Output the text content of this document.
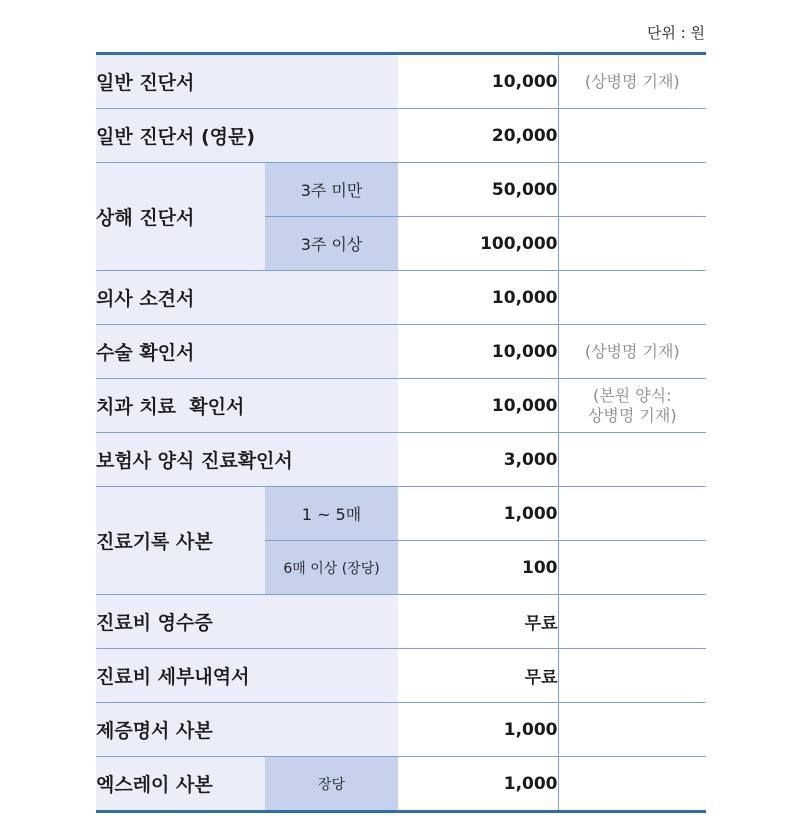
단위 : 원
일반 진단서		10,000	(상병명 기재)
일반 진단서 (영문)		20,000	
상해 진단서	3주 미만	50,000	
	3주 이상	100,000	
의사 소견서		10,000	
수술 확인서		10,000	(상병명 기재)
치과 치료  확인서		10,000	(본원 양식:
상병명 기재)

보험사 양식 진료확인서		3,000	
진료기록 사본	1 ~ 5매	1,000	
	6매 이상 (장당)	100	
진료비 영수증		무료	
진료비 세부내역서		무료	
제증명서 사본		1,000	
엑스레이 사본	장당	1,000	
